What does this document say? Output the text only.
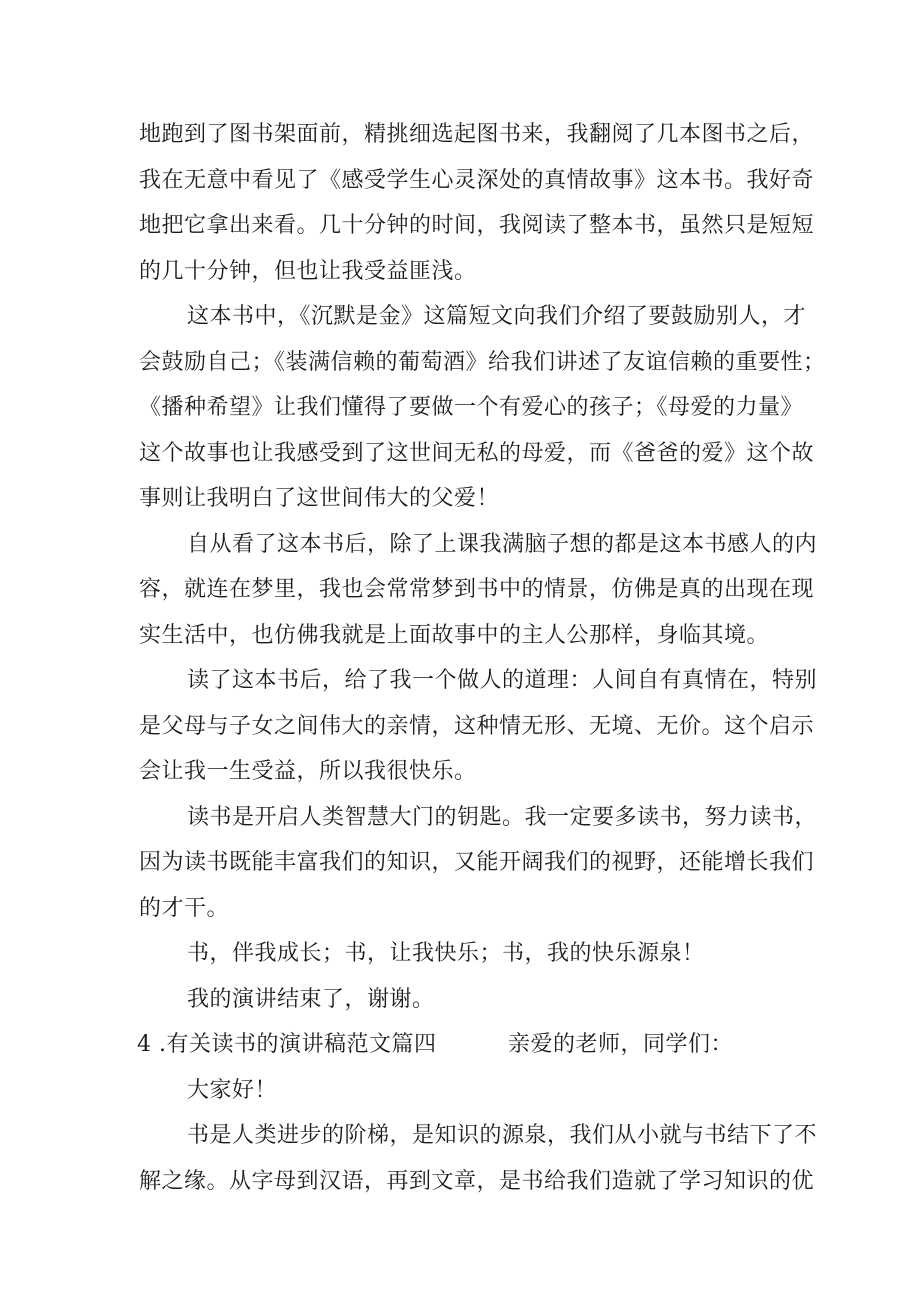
地跑到了图书架面前，精挑细选起图书来，我翻阅了几本图书之后，
我在无意中看见了《感受学生心灵深处的真情故事》这本书。我好奇
地把它拿出来看。几十分钟的时间，我阅读了整本书，虽然只是短短
的几十分钟，但也让我受益匪浅。
这本书中，《沉默是金》这篇短文向我们介绍了要鼓励别人，才
会鼓励自己；《装满信赖的葡萄酒》给我们讲述了友谊信赖的重要性；
《播种希望》让我们懂得了要做一个有爱心的孩子；《母爱的力量》
这个故事也让我感受到了这世间无私的母爱，而《爸爸的爱》这个故
事则让我明白了这世间伟大的父爱！
自从看了这本书后，除了上课我满脑子想的都是这本书感人的内
容，就连在梦里，我也会常常梦到书中的情景，仿佛是真的出现在现
实生活中，也仿佛我就是上面故事中的主人公那样，身临其境。
读了这本书后，给了我一个做人的道理：人间自有真情在，特别
是父母与子女之间伟大的亲情，这种情无形、无境、无价。这个启示
会让我一生受益，所以我很快乐。
读书是开启人类智慧大门的钥匙。我一定要多读书，努力读书，
因为读书既能丰富我们的知识，又能开阔我们的视野，还能增长我们
的才干。
书，伴我成长；书，让我快乐；书，我的快乐源泉！
我的演讲结束了，谢谢。
4 .有关读书的演讲稿范文篇四	亲爱的老师，同学们：
大家好！
书是人类进步的阶梯，是知识的源泉，我们从小就与书结下了不
解之缘。从字母到汉语，再到文章，是书给我们造就了学习知识的优
